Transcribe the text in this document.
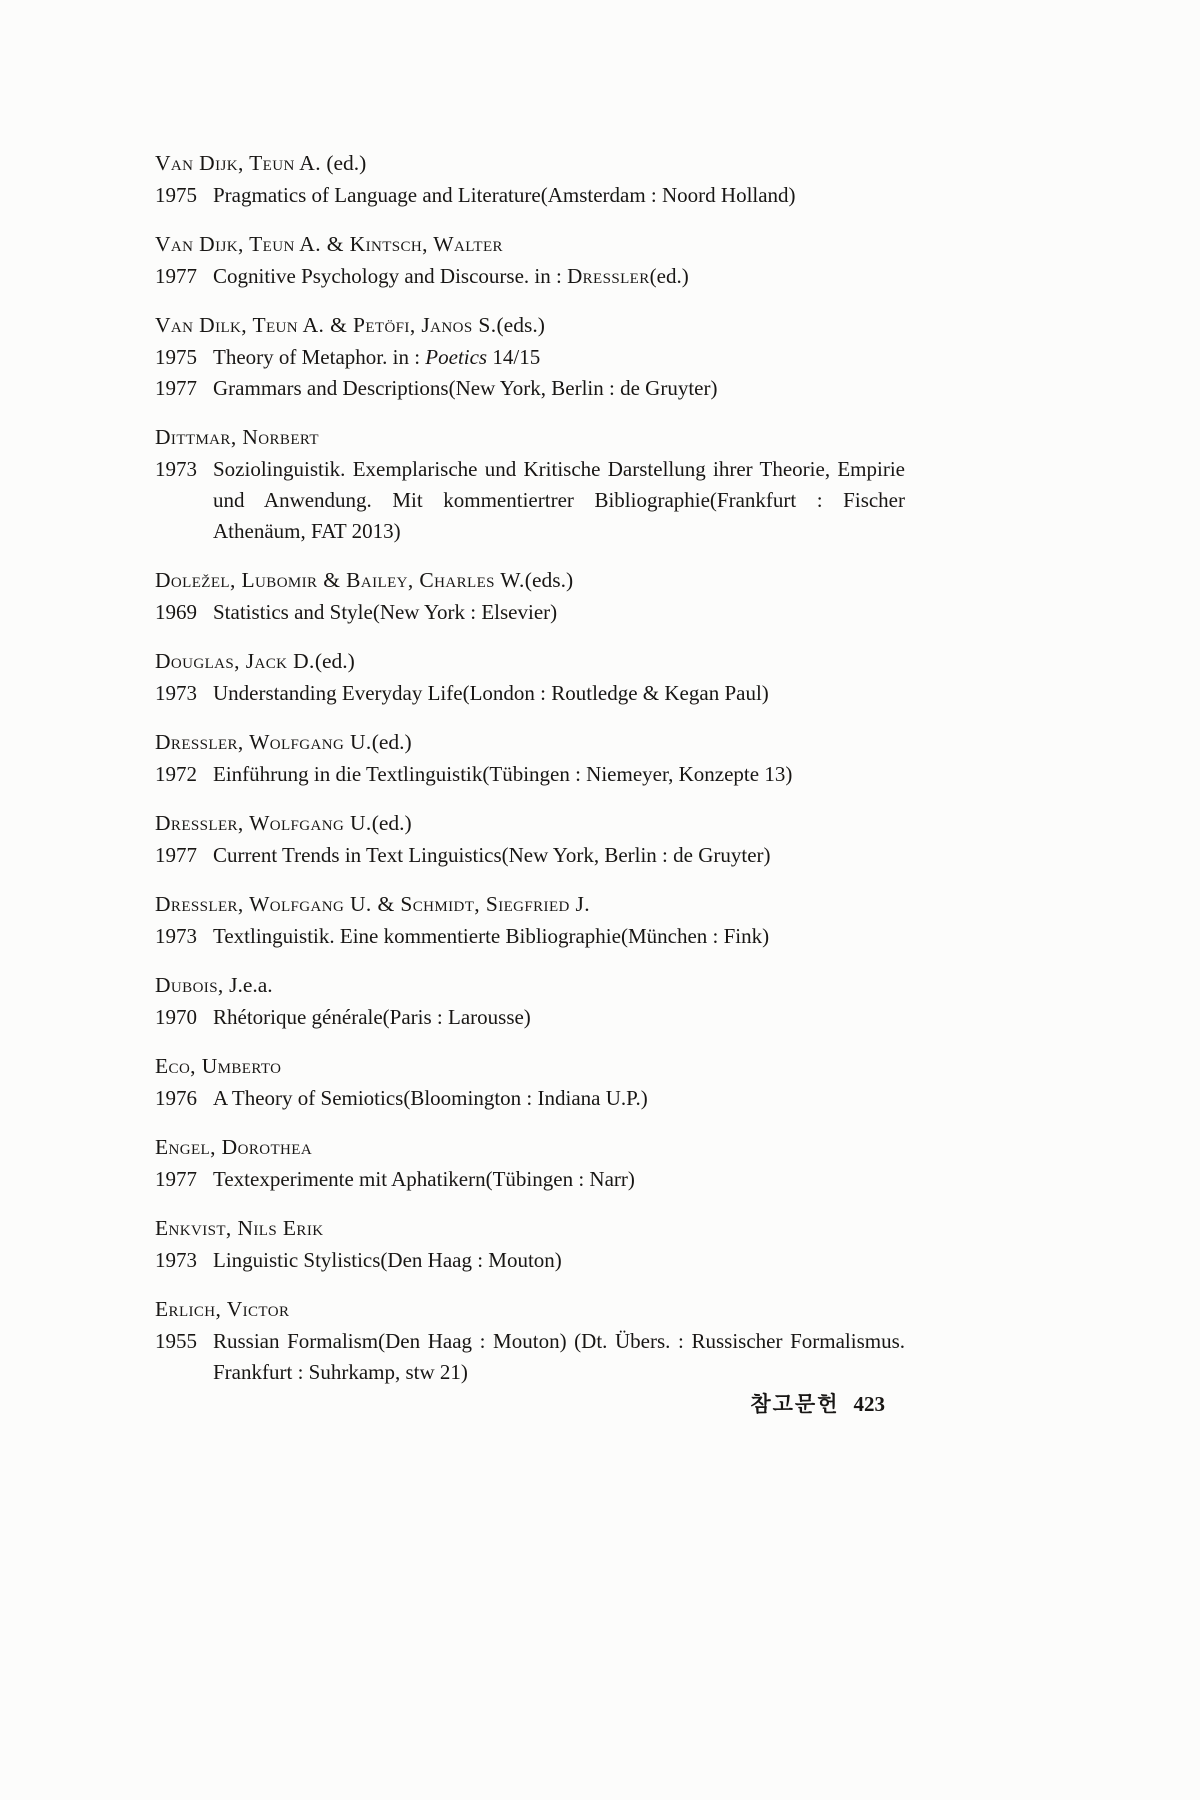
Van Dijk, Teun A. (ed.)

1975 Pragmatics of Language and Literature(Amsterdam : Noord Holland)

Van Dijk, Teun A. & Kintsch, Walter

1977 Cognitive Psychology and Discourse. in : Dressler(ed.)

Van Dilk, Teun A. & Petöfi, Janos S.(eds.)

1975 Theory of Metaphor. in : Poetics 14/15

1977 Grammars and Descriptions(New York, Berlin : de Gruyter)

Dittmar, Norbert

1973 Soziolinguistik. Exemplarische und Kritische Darstellung ihrer Theorie, Empirie und Anwendung. Mit kommentiertrer Bibliographie(Frankfurt : Fischer Athenäum, FAT 2013)

Doležel, Lubomir & Bailey, Charles W.(eds.)

1969 Statistics and Style(New York : Elsevier)

Douglas, Jack D.(ed.)

1973 Understanding Everyday Life(London : Routledge & Kegan Paul)

Dressler, Wolfgang U.(ed.)

1972 Einführung in die Textlinguistik(Tübingen : Niemeyer, Konzepte 13)

Dressler, Wolfgang U.(ed.)

1977 Current Trends in Text Linguistics(New York, Berlin : de Gruyter)

Dressler, Wolfgang U. & Schmidt, Siegfried J.

1973 Textlinguistik. Eine kommentierte Bibliographie(München : Fink)

Dubois, J.e.a.

1970 Rhétorique générale(Paris : Larousse)

Eco, Umberto

1976 A Theory of Semiotics(Bloomington : Indiana U.P.)

Engel, Dorothea

1977 Textexperimente mit Aphatikern(Tübingen : Narr)

Enkvist, Nils Erik

1973 Linguistic Stylistics(Den Haag : Mouton)

Erlich, Victor

1955 Russian Formalism(Den Haag : Mouton) (Dt. Übers. : Russischer Formalismus. Frankfurt : Suhrkamp, stw 21)

참고문헌 423
